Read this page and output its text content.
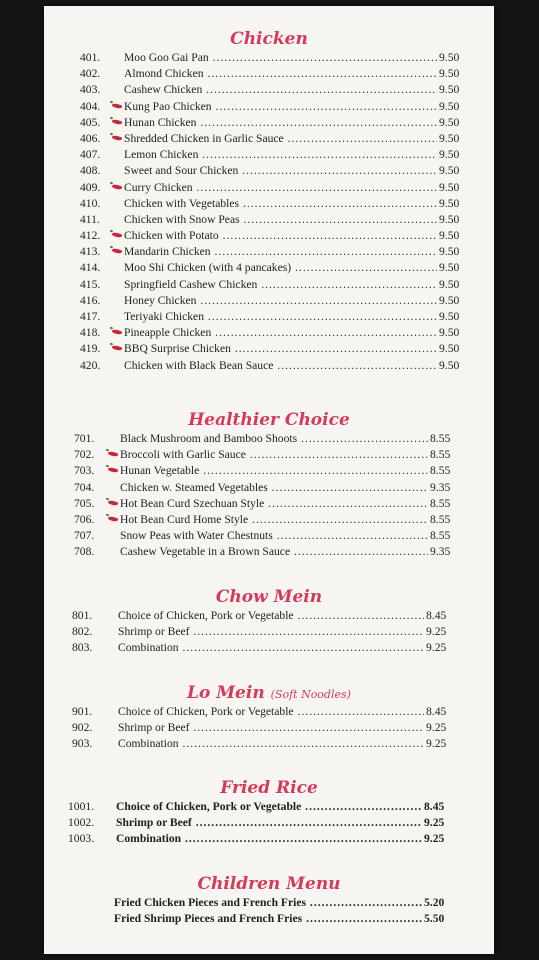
Chicken
401. Moo Goo Gai Pan .....	9.50
402. Almond Chicken .....	9.50
403. Cashew Chicken .....	9.50
404. Kung Pao Chicken .....	9.50
405. Hunan Chicken .....	9.50
406. Shredded Chicken in Garlic Sauce .....	9.50
407. Lemon Chicken .....	9.50
408. Sweet and Sour Chicken .....	9.50
409. Curry Chicken .....	9.50
410. Chicken with Vegetables .....	9.50
411. Chicken with Snow Peas .....	9.50
412. Chicken with Potato .....	9.50
413. Mandarin Chicken .....	9.50
414. Moo Shi Chicken (with 4 pancakes) .....	9.50
415. Springfield Cashew Chicken .....	9.50
416. Honey Chicken .....	9.50
417. Teriyaki Chicken .....	9.50
418. Pineapple Chicken .....	9.50
419. BBQ Surprise Chicken .....	9.50
420. Chicken with Black Bean Sauce .....	9.50
Healthier Choice
701. Black Mushroom and Bamboo Shoots .....	8.55
702. Broccoli with Garlic Sauce .....	8.55
703. Hunan Vegetable .....	8.55
704. Chicken w. Steamed Vegetables .....	9.35
705. Hot Bean Curd Szechuan Style .....	8.55
706. Hot Bean Curd Home Style .....	8.55
707. Snow Peas with Water Chestnuts .....	8.55
708. Cashew Vegetable in a Brown Sauce .....	9.35
Chow Mein
801. Choice of Chicken, Pork or Vegetable .....	8.45
802. Shrimp or Beef .....	9.25
803. Combination .....	9.25
Lo Mein (Soft Noodles)
901. Choice of Chicken, Pork or Vegetable .....	8.45
902. Shrimp or Beef .....	9.25
903. Combination .....	9.25
Fried Rice
1001. Choice of Chicken, Pork or Vegetable .....	8.45
1002. Shrimp or Beef .....	9.25
1003. Combination .....	9.25
Children Menu
Fried Chicken Pieces and French Fries .....	5.20
Fried Shrimp Pieces and French Fries .....	5.50
